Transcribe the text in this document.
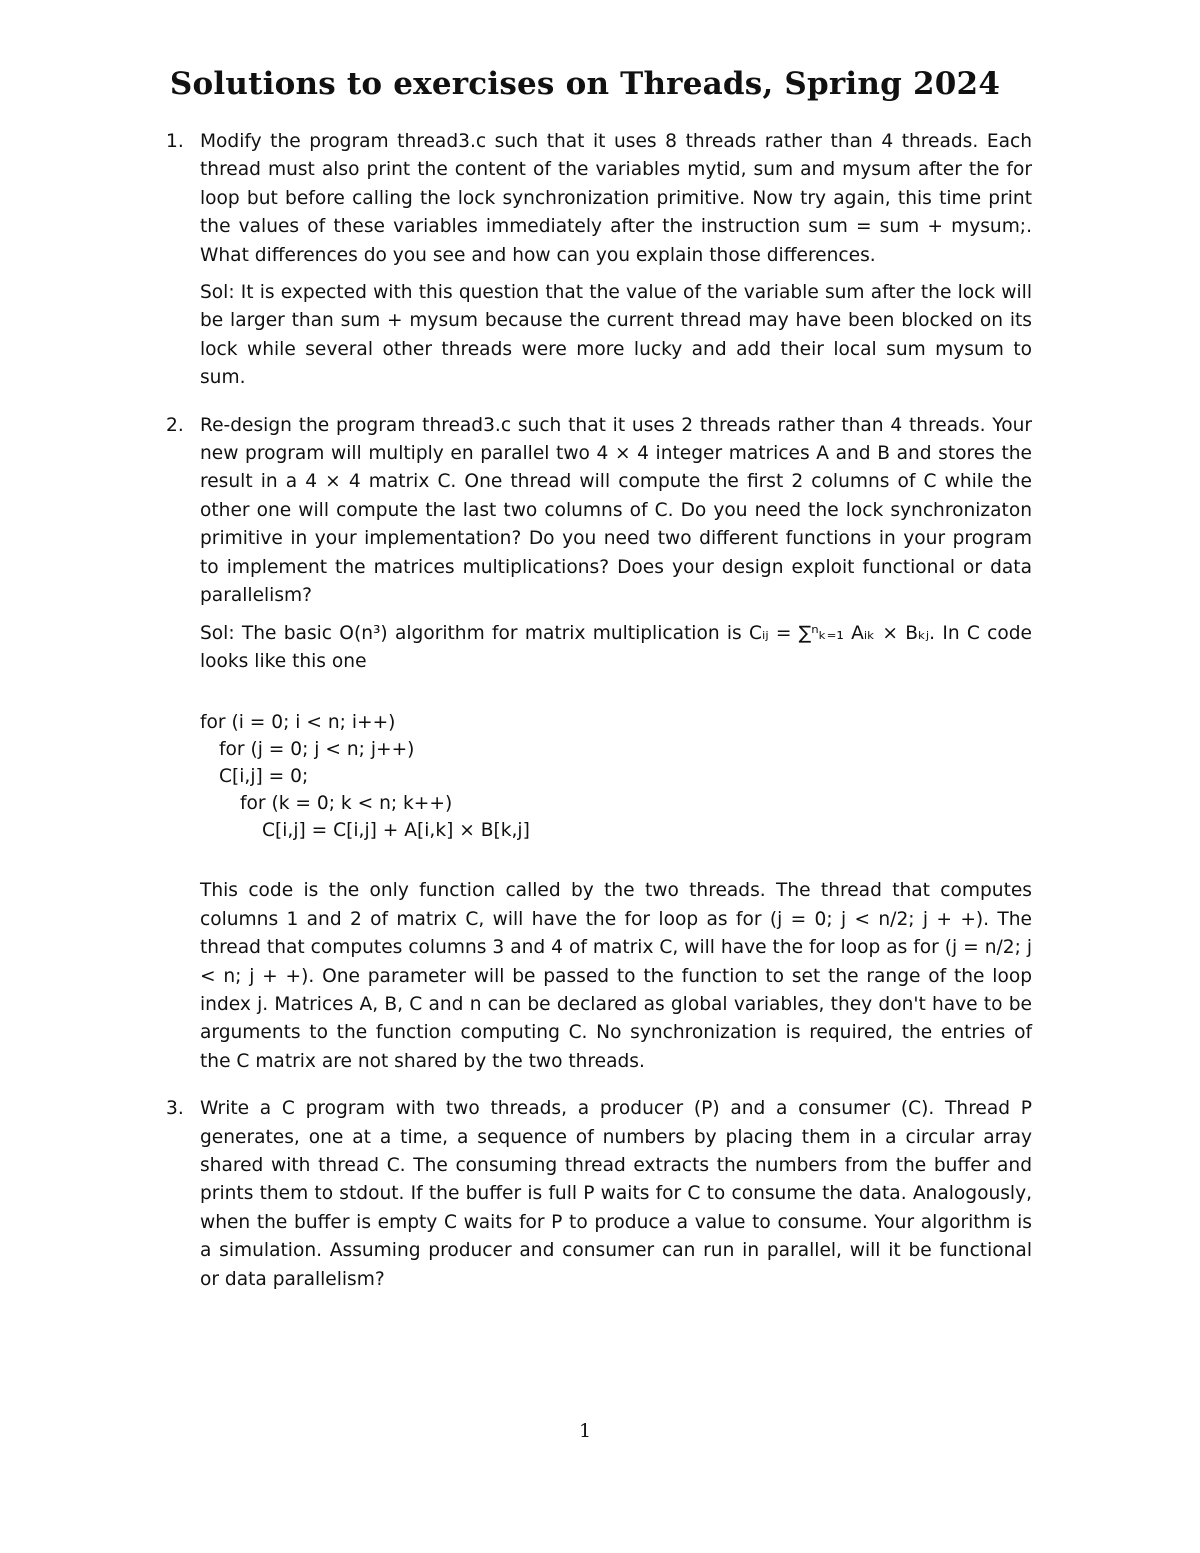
Solutions to exercises on Threads, Spring 2024
1. Modify the program thread3.c such that it uses 8 threads rather than 4 threads. Each thread must also print the content of the variables mytid, sum and mysum after the for loop but before calling the lock synchronization primitive. Now try again, this time print the values of these variables immediately after the instruction sum = sum + mysum;. What differences do you see and how can you explain those differences.

Sol: It is expected with this question that the value of the variable sum after the lock will be larger than sum + mysum because the current thread may have been blocked on its lock while several other threads were more lucky and add their local sum mysum to sum.

2. Re-design the program thread3.c such that it uses 2 threads rather than 4 threads. Your new program will multiply en parallel two 4 × 4 integer matrices A and B and stores the result in a 4 × 4 matrix C. One thread will compute the first 2 columns of C while the other one will compute the last two columns of C. Do you need the lock synchronizaton primitive in your implementation? Do you need two different functions in your program to implement the matrices multiplications? Does your design exploit functional or data parallelism?

Sol: The basic O(n³) algorithm for matrix multiplication is Cᵢⱼ = ∑ⁿₖ₌₁ Aᵢₖ × Bₖⱼ. In C code looks like this one

for (i = 0; i < n; i++)
for (j = 0; j < n; j++)
C[i,j] = 0;
for (k = 0; k < n; k++)
C[i,j] = C[i,j] + A[i,k] × B[k,j]

This code is the only function called by the two threads. The thread that computes columns 1 and 2 of matrix C, will have the for loop as for (j = 0; j < n/2; j + +). The thread that computes columns 3 and 4 of matrix C, will have the for loop as for (j = n/2; j < n; j + +). One parameter will be passed to the function to set the range of the loop index j. Matrices A, B, C and n can be declared as global variables, they don't have to be arguments to the function computing C. No synchronization is required, the entries of the C matrix are not shared by the two threads.

3. Write a C program with two threads, a producer (P) and a consumer (C). Thread P generates, one at a time, a sequence of numbers by placing them in a circular array shared with thread C. The consuming thread extracts the numbers from the buffer and prints them to stdout. If the buffer is full P waits for C to consume the data. Analogously, when the buffer is empty C waits for P to produce a value to consume. Your algorithm is a simulation. Assuming producer and consumer can run in parallel, will it be functional or data parallelism?

1
